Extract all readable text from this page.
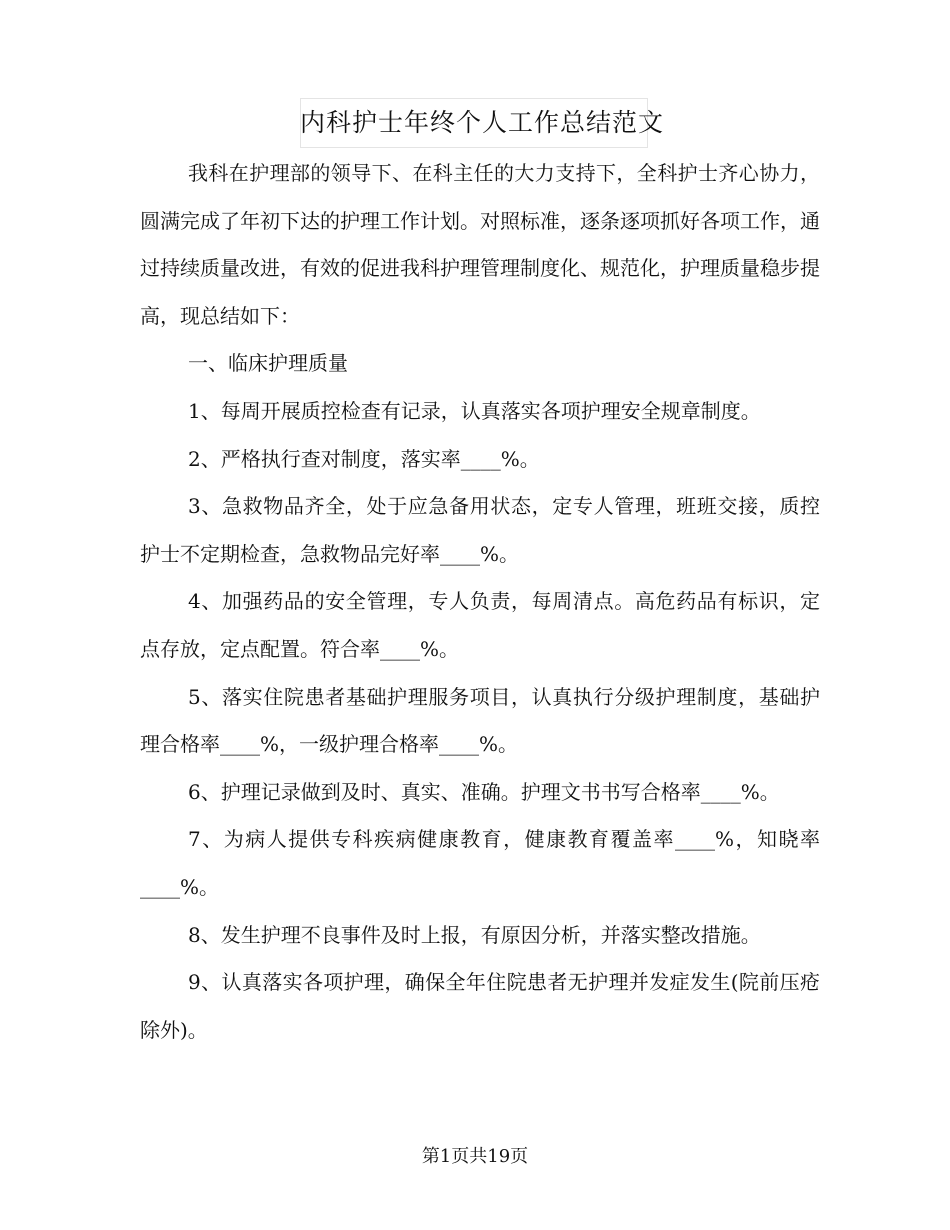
内科护士年终个人工作总结范文

我科在护理部的领导下、在科主任的大力支持下，全科护士齐心协力，圆满完成了年初下达的护理工作计划。对照标准，逐条逐项抓好各项工作，通过持续质量改进，有效的促进我科护理管理制度化、规范化，护理质量稳步提高，现总结如下：

一、临床护理质量

1、每周开展质控检查有记录，认真落实各项护理安全规章制度。

2、严格执行查对制度，落实率____%。

3、急救物品齐全，处于应急备用状态，定专人管理，班班交接，质控护士不定期检查，急救物品完好率____%。

4、加强药品的安全管理，专人负责，每周清点。高危药品有标识，定点存放，定点配置。符合率____%。

5、落实住院患者基础护理服务项目，认真执行分级护理制度，基础护理合格率____%，一级护理合格率____%。

6、护理记录做到及时、真实、准确。护理文书书写合格率____%。

7、为病人提供专科疾病健康教育，健康教育覆盖率____%，知晓率____%。

8、发生护理不良事件及时上报，有原因分析，并落实整改措施。

9、认真落实各项护理，确保全年住院患者无护理并发症发生(院前压疮除外)。

第1页共19页
